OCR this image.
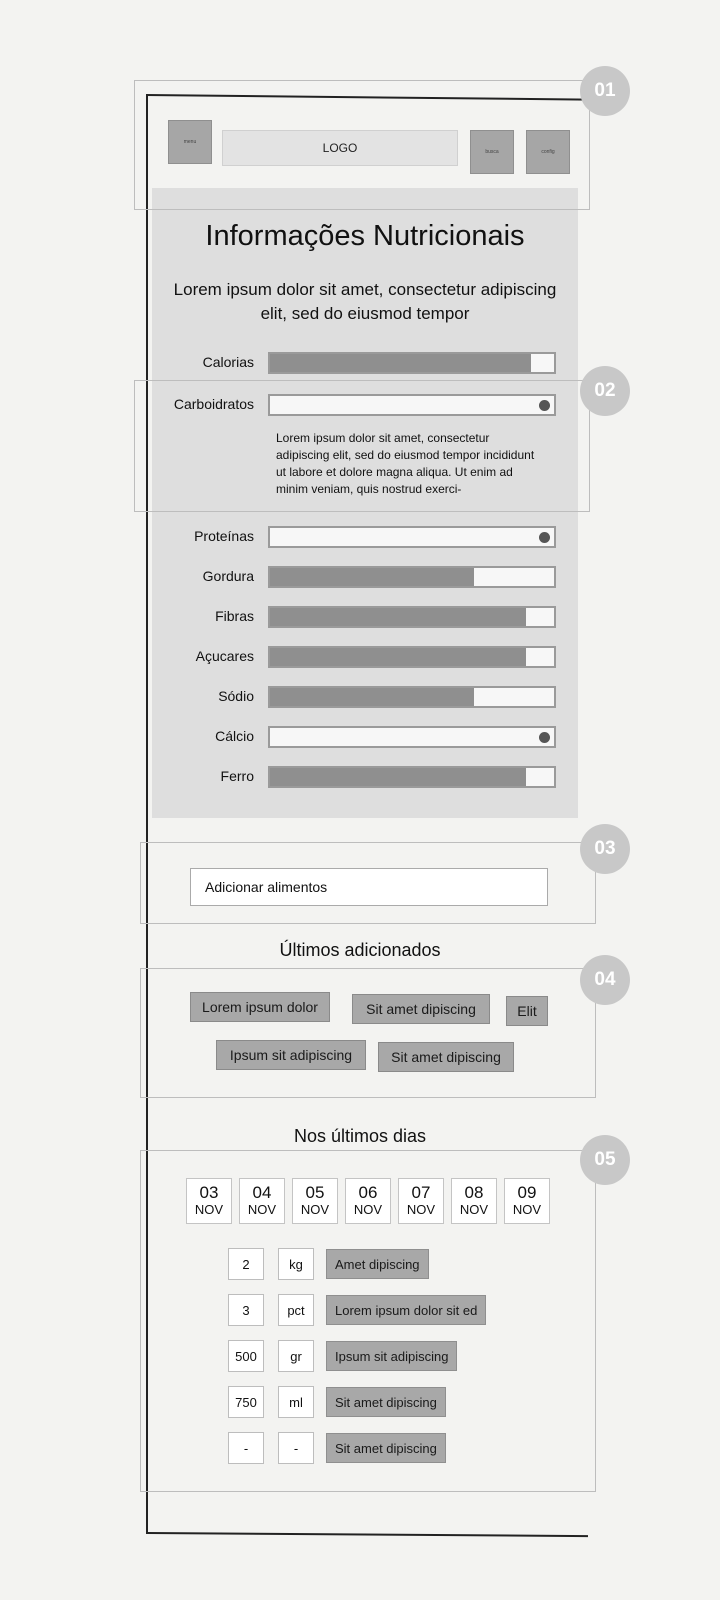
01
02
03
04
05
menu	LOGO	busca	config
Informações Nutricionais
Lorem ipsum dolor sit amet, consectetur adipiscing elit, sed do eiusmod tempor
Calorias
Carboidratos
Proteínas
Gordura
Fibras
Açucares
Sódio
Cálcio
Ferro
Lorem ipsum dolor sit amet, consectetur adipiscing elit, sed do eiusmod tempor incididunt ut labore et dolore magna aliqua. Ut enim ad minim veniam, quis nostrud exerci-
Adicionar alimentos
Últimos adicionados
Lorem ipsum dolor	Sit amet dipiscing	Elit
Ipsum sit adipiscing	Sit amet dipiscing
Nos últimos dias
03
NOV
04
NOV
05
NOV
06
NOV
07
NOV
08
NOV
09
NOV
2	kg	Amet dipiscing
3	pct	Lorem ipsum dolor sit ed
500	gr	Ipsum sit adipiscing
750	ml	Sit amet dipiscing
-	-	Sit amet dipiscing
